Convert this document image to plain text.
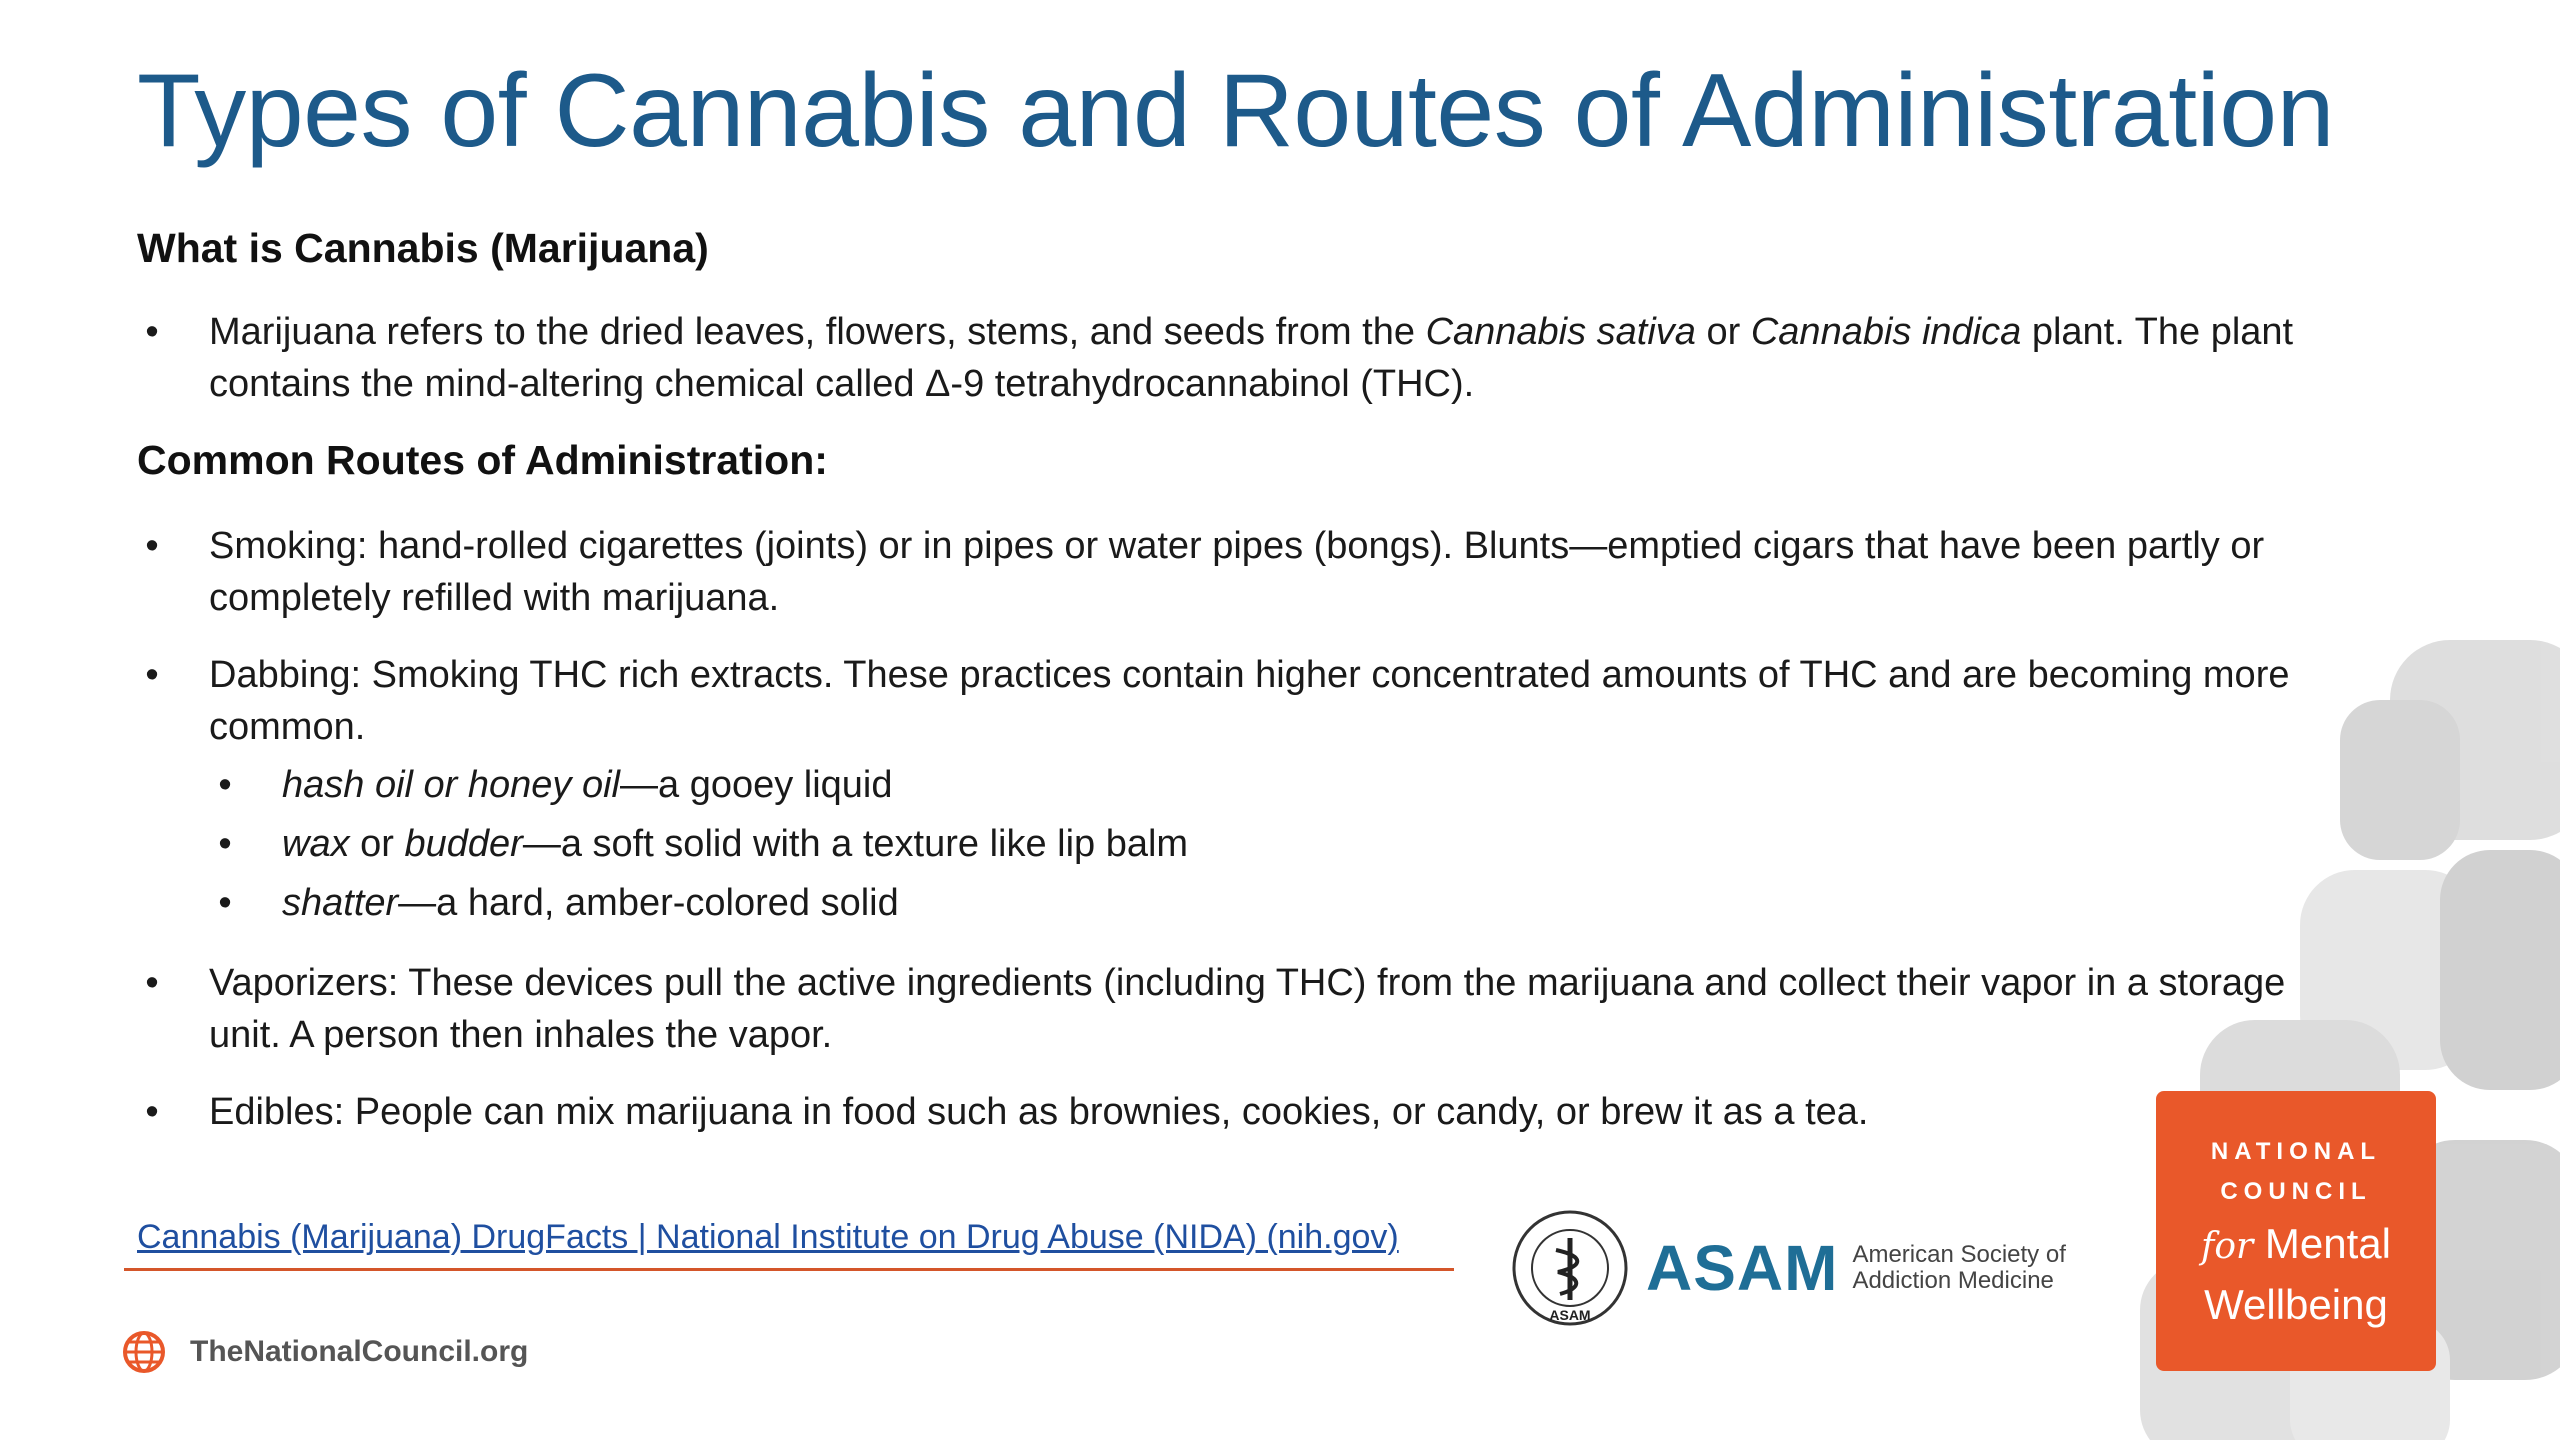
Types of Cannabis and Routes of Administration
What is Cannabis (Marijuana)
• Marijuana refers to the dried leaves, flowers, stems, and seeds from the Cannabis sativa or Cannabis indica plant. The plant contains the mind-altering chemical called Δ-9 tetrahydrocannabinol (THC).
Common Routes of Administration:
• Smoking: hand-rolled cigarettes (joints) or in pipes or water pipes (bongs). Blunts—emptied cigars that have been partly or completely refilled with marijuana.
• Dabbing: Smoking THC rich extracts. These practices contain higher concentrated amounts of THC and are becoming more common.
• hash oil or honey oil—a gooey liquid
• wax or budder—a soft solid with a texture like lip balm
• shatter—a hard, amber-colored solid
• Vaporizers: These devices pull the active ingredients (including THC) from the marijuana and collect their vapor in a storage unit. A person then inhales the vapor.
• Edibles: People can mix marijuana in food such as brownies, cookies, or candy, or brew it as a tea.
Cannabis (Marijuana) DrugFacts | National Institute on Drug Abuse (NIDA) (nih.gov)
TheNationalCouncil.org
ASAM
ASAM American Society of
Addiction Medicine
NATIONAL
COUNCIL
for Mental
Wellbeing
